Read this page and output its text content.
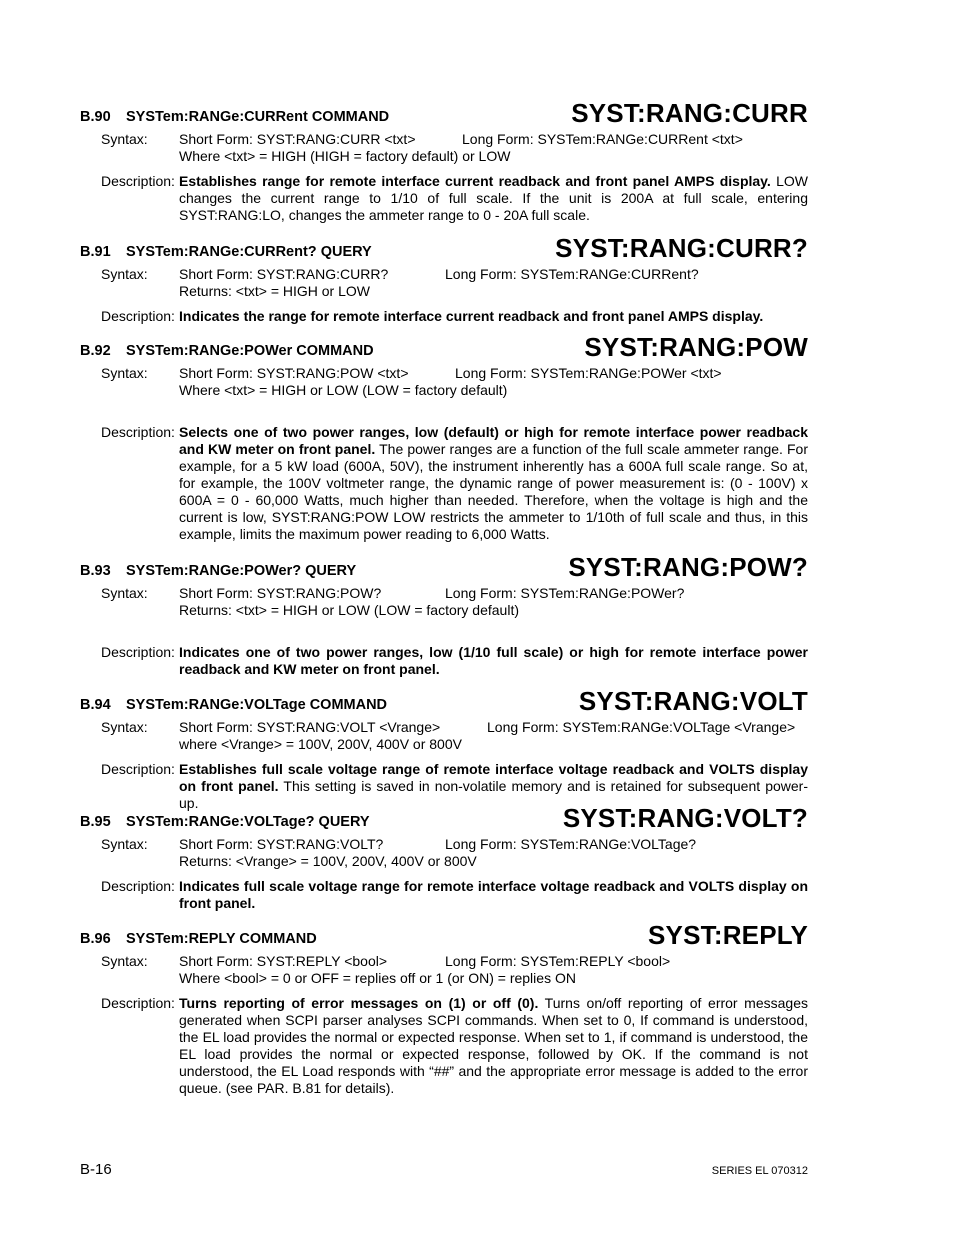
B.90 SYSTem:RANGe:CURRent COMMAND	SYST:RANG:CURR
Syntax: Short Form: SYST:RANG:CURR <txt>	Long Form: SYSTem:RANGe:CURRent <txt>
Where <txt> = HIGH (HIGH = factory default) or LOW
Description: Establishes range for remote interface current readback and front panel AMPS display. LOW changes the current range to 1/10 of full scale. If the unit is 200A at full scale, entering SYST:RANG:LO, changes the ammeter range to 0 - 20A full scale.
B.91 SYSTem:RANGe:CURRent? QUERY	SYST:RANG:CURR?
Syntax: Short Form: SYST:RANG:CURR?	Long Form: SYSTem:RANGe:CURRent?
Returns: <txt> = HIGH or LOW
Description: Indicates the range for remote interface current readback and front panel AMPS display.
B.92 SYSTem:RANGe:POWer COMMAND	SYST:RANG:POW
Syntax: Short Form: SYST:RANG:POW <txt>	Long Form: SYSTem:RANGe:POWer <txt>
Where <txt> = HIGH or LOW (LOW = factory default)
Description: Selects one of two power ranges, low (default) or high for remote interface power readback and KW meter on front panel. The power ranges are a function of the full scale ammeter range. For example, for a 5 kW load (600A, 50V), the instrument inherently has a 600A full scale range. So at, for example, the 100V voltmeter range, the dynamic range of power measurement is: (0 - 100V) x 600A = 0 - 60,000 Watts, much higher than needed. Therefore, when the voltage is high and the current is low, SYST:RANG:POW LOW restricts the ammeter to 1/10th of full scale and thus, in this example, limits the maximum power reading to 6,000 Watts.
B.93 SYSTem:RANGe:POWer? QUERY	SYST:RANG:POW?
Syntax: Short Form: SYST:RANG:POW?	Long Form: SYSTem:RANGe:POWer?
Returns: <txt> = HIGH or LOW (LOW = factory default)
Description: Indicates one of two power ranges, low (1/10 full scale) or high for remote interface power readback and KW meter on front panel.
B.94 SYSTem:RANGe:VOLTage COMMAND	SYST:RANG:VOLT
Syntax: Short Form: SYST:RANG:VOLT <Vrange>	Long Form: SYSTem:RANGe:VOLTage <Vrange>
where <Vrange> = 100V, 200V, 400V or 800V
Description: Establishes full scale voltage range of remote interface voltage readback and VOLTS display on front panel. This setting is saved in non-volatile memory and is retained for subsequent power-up.
B.95 SYSTem:RANGe:VOLTage? QUERY	SYST:RANG:VOLT?
Syntax: Short Form: SYST:RANG:VOLT?	Long Form: SYSTem:RANGe:VOLTage?
Returns: <Vrange> = 100V, 200V, 400V or 800V
Description: Indicates full scale voltage range for remote interface voltage readback and VOLTS display on front panel.
B.96 SYSTem:REPLY COMMAND	SYST:REPLY
Syntax: Short Form: SYST:REPLY <bool>	Long Form: SYSTem:REPLY <bool>
Where <bool> = 0 or OFF = replies off or 1 (or ON) = replies ON
Description: Turns reporting of error messages on (1) or off (0). Turns on/off reporting of error messages generated when SCPI parser analyses SCPI commands. When set to 0, If command is understood, the EL load provides the normal or expected response. When set to 1, if command is understood, the EL load provides the normal or expected response, followed by OK. If the command is not understood, the EL Load responds with “##” and the appropriate error message is added to the error queue. (see PAR. B.81 for details).
B-16	SERIES EL 070312
